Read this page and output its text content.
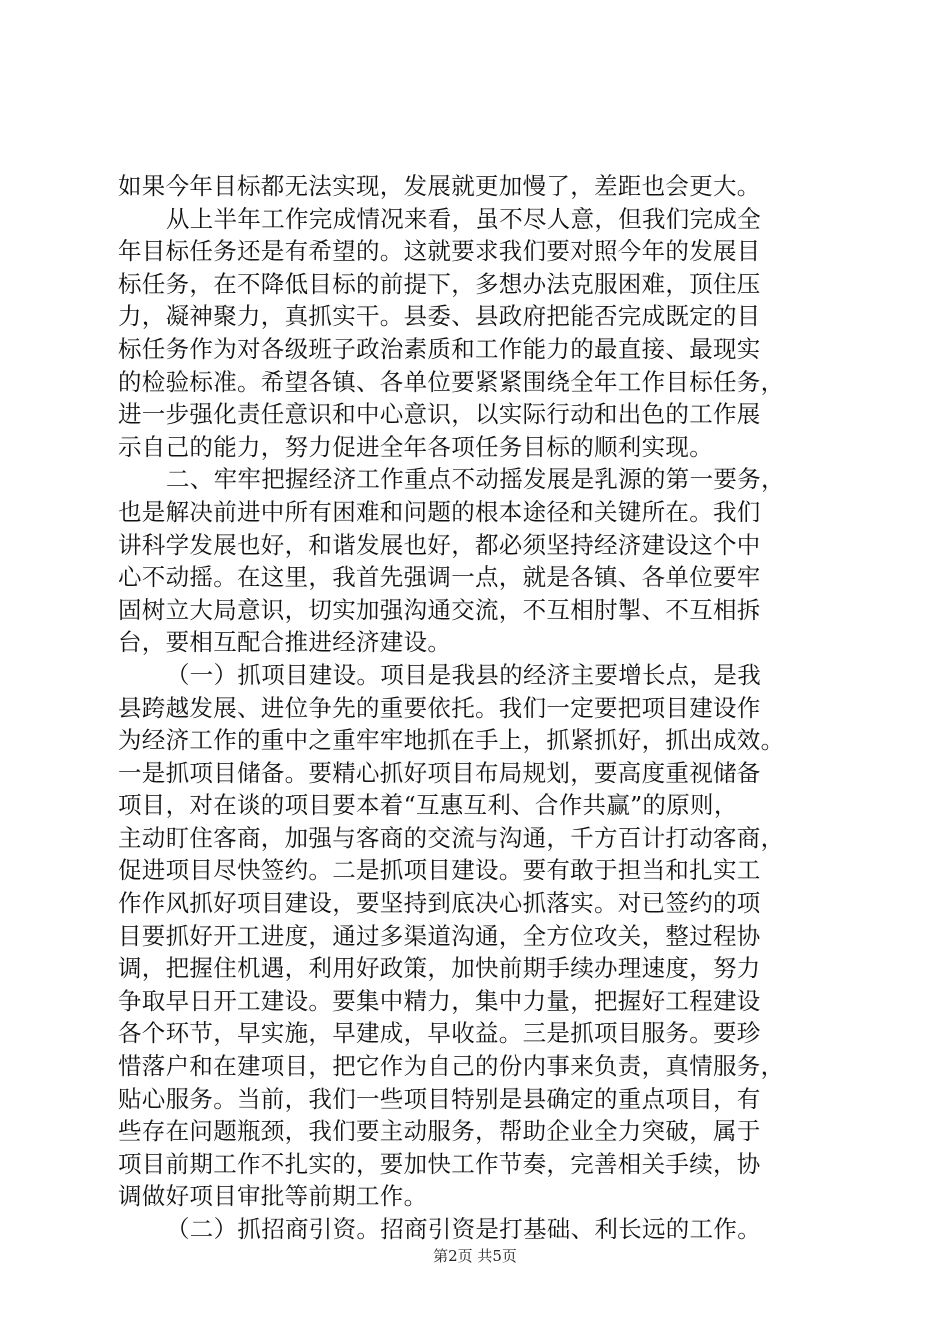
如果今年目标都无法实现，发展就更加慢了，差距也会更大。
从上半年工作完成情况来看，虽不尽人意，但我们完成全
年目标任务还是有希望的。这就要求我们要对照今年的发展目
标任务，在不降低目标的前提下，多想办法克服困难，顶住压
力，凝神聚力，真抓实干。县委、县政府把能否完成既定的目
标任务作为对各级班子政治素质和工作能力的最直接、最现实
的检验标准。希望各镇、各单位要紧紧围绕全年工作目标任务，
进一步强化责任意识和中心意识，以实际行动和出色的工作展
示自己的能力，努力促进全年各项任务目标的顺利实现。
二、牢牢把握经济工作重点不动摇发展是乳源的第一要务，
也是解决前进中所有困难和问题的根本途径和关键所在。我们
讲科学发展也好，和谐发展也好，都必须坚持经济建设这个中
心不动摇。在这里，我首先强调一点，就是各镇、各单位要牢
固树立大局意识，切实加强沟通交流，不互相肘掣、不互相拆
台，要相互配合推进经济建设。
（一）抓项目建设。项目是我县的经济主要增长点，是我
县跨越发展、进位争先的重要依托。我们一定要把项目建设作
为经济工作的重中之重牢牢地抓在手上，抓紧抓好，抓出成效。
一是抓项目储备。要精心抓好项目布局规划，要高度重视储备
项目，对在谈的项目要本着“互惠互利、合作共赢”的原则，
主动盯住客商，加强与客商的交流与沟通，千方百计打动客商，
促进项目尽快签约。二是抓项目建设。要有敢于担当和扎实工
作作风抓好项目建设，要坚持到底决心抓落实。对已签约的项
目要抓好开工进度，通过多渠道沟通，全方位攻关，整过程协
调，把握住机遇，利用好政策，加快前期手续办理速度，努力
争取早日开工建设。要集中精力，集中力量，把握好工程建设
各个环节，早实施，早建成，早收益。三是抓项目服务。要珍
惜落户和在建项目，把它作为自己的份内事来负责，真情服务，
贴心服务。当前，我们一些项目特别是县确定的重点项目，有
些存在问题瓶颈，我们要主动服务，帮助企业全力突破，属于
项目前期工作不扎实的，要加快工作节奏，完善相关手续，协
调做好项目审批等前期工作。
（二）抓招商引资。招商引资是打基础、利长远的工作。
第2页 共5页
